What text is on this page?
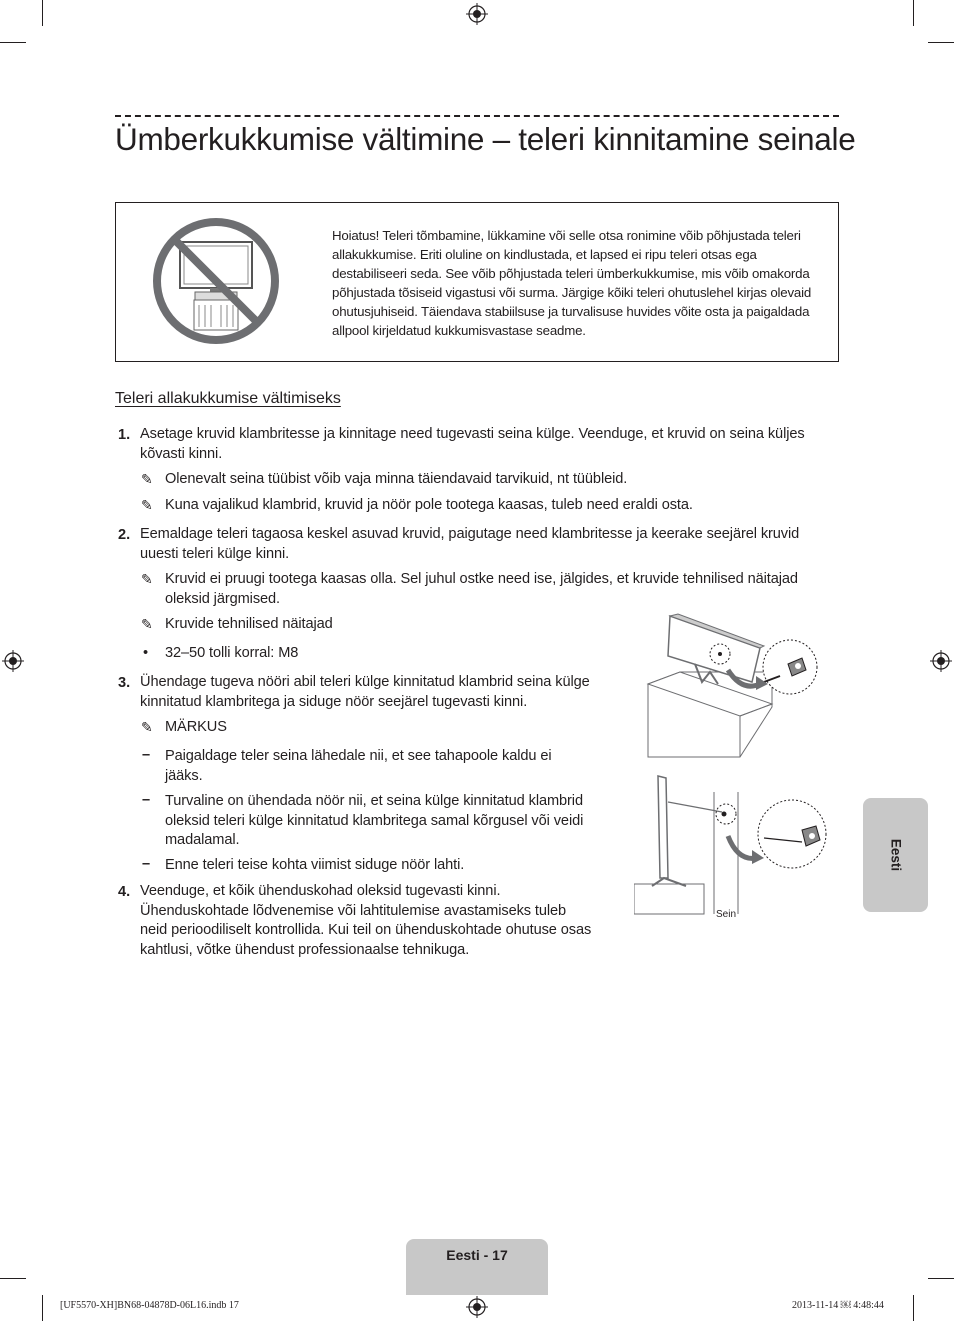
Ümberkukkumise vältimine – teleri kinnitamine seinale
Hoiatus! Teleri tõmbamine, lükkamine või selle otsa ronimine võib põhjustada teleri allakukkumise. Eriti oluline on kindlustada, et lapsed ei ripu teleri otsas ega destabiliseeri seda. See võib põhjustada teleri ümberkukkumise, mis võib omakorda põhjustada tõsiseid vigastusi või surma. Järgige kõiki teleri ohutuslehel kirjas olevaid ohutusjuhiseid. Täiendava stabiilsuse ja turvalisuse huvides võite osta ja paigaldada allpool kirjeldatud kukkumisvastase seadme.
Teleri allakukkumise vältimiseks
1. Asetage kruvid klambritesse ja kinnitage need tugevasti seina külge. Veenduge, et kruvid on seina küljes kõvasti kinni.
✎ Olenevalt seina tüübist võib vaja minna täiendavaid tarvikuid, nt tüübleid.
✎ Kuna vajalikud klambrid, kruvid ja nöör pole tootega kaasas, tuleb need eraldi osta.
2. Eemaldage teleri tagaosa keskel asuvad kruvid, paigutage need klambritesse ja keerake seejärel kruvid uuesti teleri külge kinni.
✎ Kruvid ei pruugi tootega kaasas olla. Sel juhul ostke need ise, jälgides, et kruvide tehnilised näitajad oleksid järgmised.
✎ Kruvide tehnilised näitajad
• 32–50 tolli korral: M8
3. Ühendage tugeva nööri abil teleri külge kinnitatud klambrid seina külge kinnitatud klambritega ja siduge nöör seejärel tugevasti kinni.
✎ MÄRKUS
– Paigaldage teler seina lähedale nii, et see tahapoole kaldu ei jääks.
– Turvaline on ühendada nöör nii, et seina külge kinnitatud klambrid oleksid teleri külge kinnitatud klambritega samal kõrgusel või veidi madalamal.
– Enne teleri teise kohta viimist siduge nöör lahti.
4. Veenduge, et kõik ühenduskohad oleksid tugevasti kinni. Ühenduskohtade lõdvenemise või lahtitulemise avastamiseks tuleb neid perioodiliselt kontrollida. Kui teil on ühenduskohtade ohutuse osas kahtlusi, võtke ühendust professionaalse tehnikuga.
Sein
Eesti
Eesti - 17
[UF5570-XH]BN68-04878D-06L16.indb 17	2013-11-14 ￼ 4:48:44
